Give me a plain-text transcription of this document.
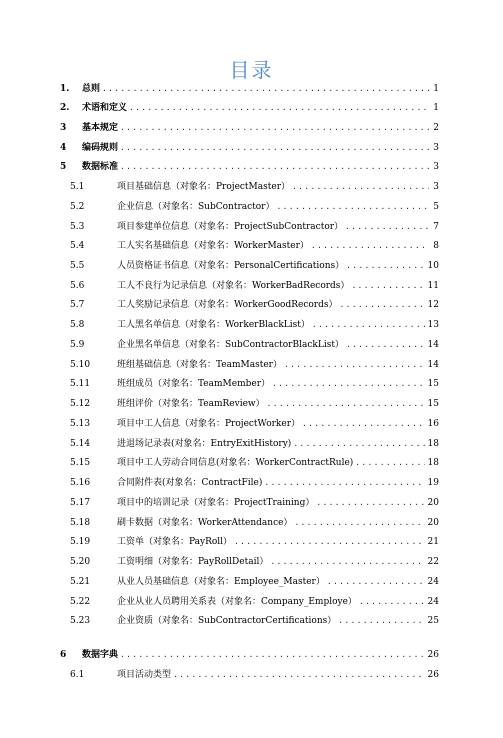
目录
1. 总则 .....	1
2. 术语和定义 .....	1
3 基本规定 .....	2
4 编码规则 .....	3
5 数据标准 .....	3
5.1	项目基础信息（对象名：ProjectMaster） .....	3
5.2	企业信息（对象名：SubContractor） .....	5
5.3	项目参建单位信息（对象名：ProjectSubContractor） .....	7
5.4	工人实名基础信息（对象名：WorkerMaster） .....	8
5.5	人员资格证书信息（对象名：PersonalCertifications） .....	10
5.6	工人不良行为记录信息（对象名：WorkerBadRecords） .....	11
5.7	工人奖励记录信息（对象名：WorkerGoodRecords） .....	12
5.8	工人黑名单信息（对象名：WorkerBlackList） .....	13
5.9	企业黑名单信息（对象名：SubContractorBlackList） .....	14
5.10	班组基础信息（对象名：TeamMaster） .....	14
5.11	班组成员（对象名：TeamMember） .....	15
5.12	班组评价（对象名：TeamReview） .....	15
5.13	项目中工人信息（对象名：ProjectWorker） .....	16
5.14	进退场记录表(对象名：EntryExitHistory) .....	18
5.15	项目中工人劳动合同信息(对象名：WorkerContractRule) .....	18
5.16	合同附件表(对象名：ContractFile) .....	19
5.17	项目中的培训记录（对象名：ProjectTraining） .....	20
5.18	刷卡数据（对象名：WorkerAttendance） .....	20
5.19	工资单（对象名：PayRoll） .....	21
5.20	工资明细（对象名：PayRollDetail） .....	22
5.21	从业人员基础信息（对象名：Employee_Master） .....	24
5.22	企业从业人员聘用关系表（对象名：Company_Employe） .....	24
5.23	企业资质（对象名：SubContractorCertifications） .....	25
6 数据字典 .....	26
6.1	项目活动类型 .....	26
